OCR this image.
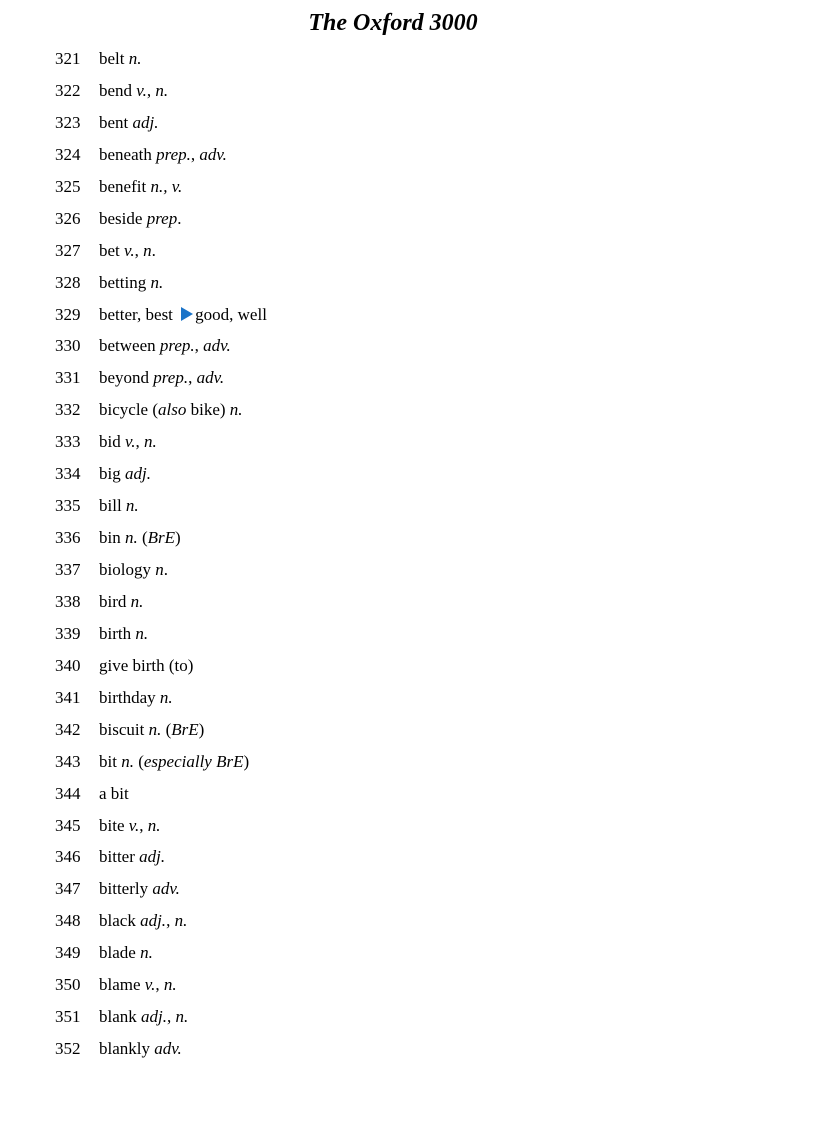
The Oxford 3000
321 belt n.
322 bend v., n.
323 bent adj.
324 beneath prep., adv.
325 benefit n., v.
326 beside prep.
327 bet v., n.
328 betting n.
329 better, best good, well
330 between prep., adv.
331 beyond prep., adv.
332 bicycle (also bike) n.
333 bid v., n.
334 big adj.
335 bill n.
336 bin n. (BrE)
337 biology n.
338 bird n.
339 birth n.
340 give birth (to)
341 birthday n.
342 biscuit n. (BrE)
343 bit n. (especially BrE)
344 a bit
345 bite v., n.
346 bitter adj.
347 bitterly adv.
348 black adj., n.
349 blade n.
350 blame v., n.
351 blank adj., n.
352 blankly adv.
